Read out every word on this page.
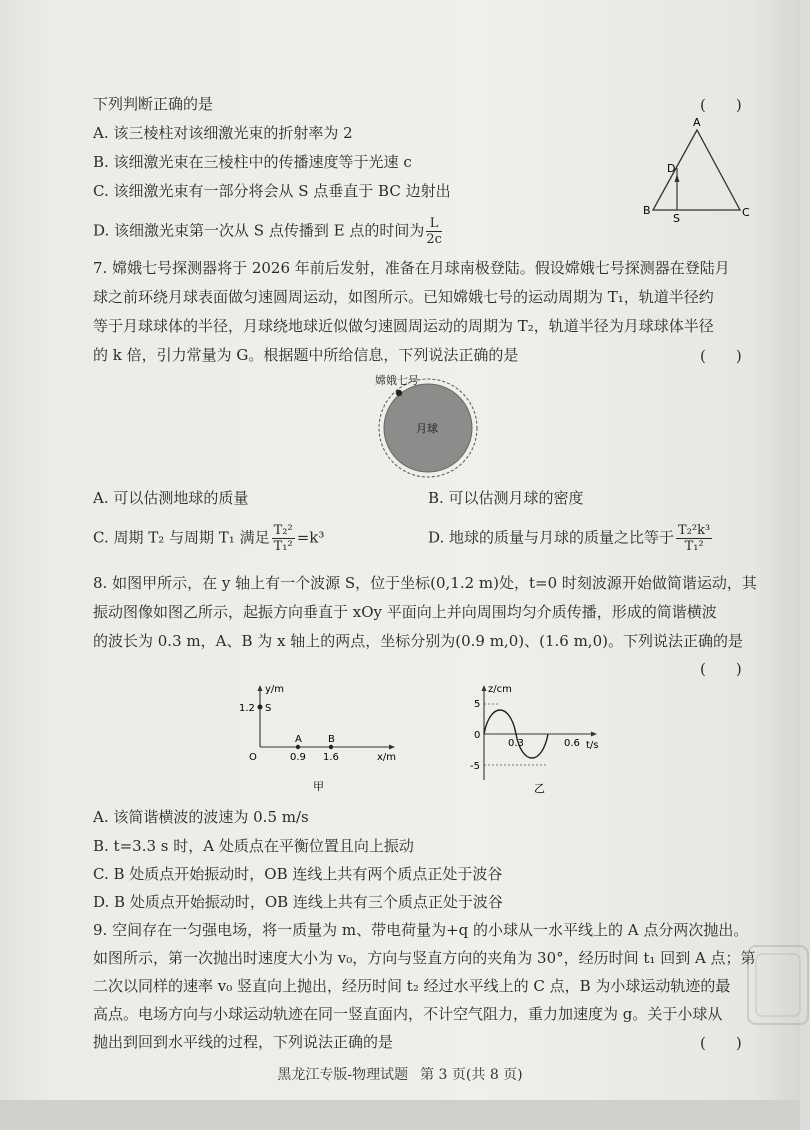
下列判断正确的是	(　　)
A. 该三棱柱对该细激光束的折射率为 2
B. 该细激光束在三棱柱中的传播速度等于光速 c
C. 该细激光束有一部分将会从 S 点垂直于 BC 边射出
D. 该细激光束第一次从 S 点传播到 E 点的时间为 $\frac{L}{2c}$
A
B	C
D
S
7. 嫦娥七号探测器将于 2026 年前后发射，准备在月球南极登陆。假设嫦娥七号探测器在登陆月
球之前环绕月球表面做匀速圆周运动，如图所示。已知嫦娥七号的运动周期为 T₁，轨道半径约
等于月球球体的半径，月球绕地球近似做匀速圆周运动的周期为 T₂，轨道半径为月球球体半径
的 k 倍，引力常量为 G。根据题中所给信息，下列说法正确的是	(　　)
嫦娥七号
月球
A. 可以估测地球的质量	B. 可以估测月球的密度
C. 周期 T₂ 与周期 T₁ 满足 $\frac{\text{T₂²}}{\text{T₁²}} =k^3$	D. 地球的质量与月球的质量之比等于 $\frac{\text{T₂²k³}}{\text{T₁²}}$
8. 如图甲所示，在 y 轴上有一个波源 S，位于坐标(0,1.2 m)处，t=0 时刻波源开始做简谐运动，其
振动图像如图乙所示，起振方向垂直于 xOy 平面向上并向周围均匀介质传播，形成的简谐横波
的波长为 0.3 m，A、B 为 x 轴上的两点，坐标分别为(0.9 m,0)、(1.6 m,0)。下列说法正确的是
(　　)
y/m
x/m
O
1.2 S
A
0.9
B
1.6
甲
z/cm
t/s
5
0
-5
0.3	0.6
乙
A. 该简谐横波的波速为 0.5 m/s
B. t=3.3 s 时，A 处质点在平衡位置且向上振动
C. B 处质点开始振动时，OB 连线上共有两个质点正处于波谷
D. B 处质点开始振动时，OB 连线上共有三个质点正处于波谷
9. 空间存在一匀强电场，将一质量为 m、带电荷量为+q 的小球从一水平线上的 A 点分两次抛出。
如图所示，第一次抛出时速度大小为 v₀，方向与竖直方向的夹角为 30°，经历时间 t₁ 回到 A 点；第
二次以同样的速率 v₀ 竖直向上抛出，经历时间 t₂ 经过水平线上的 C 点，B 为小球运动轨迹的最
高点。电场方向与小球运动轨迹在同一竖直面内，不计空气阻力，重力加速度为 g。关于小球从
抛出到回到水平线的过程，下列说法正确的是	(　　)
黑龙江专版-物理试题 第 3 页(共 8 页)
